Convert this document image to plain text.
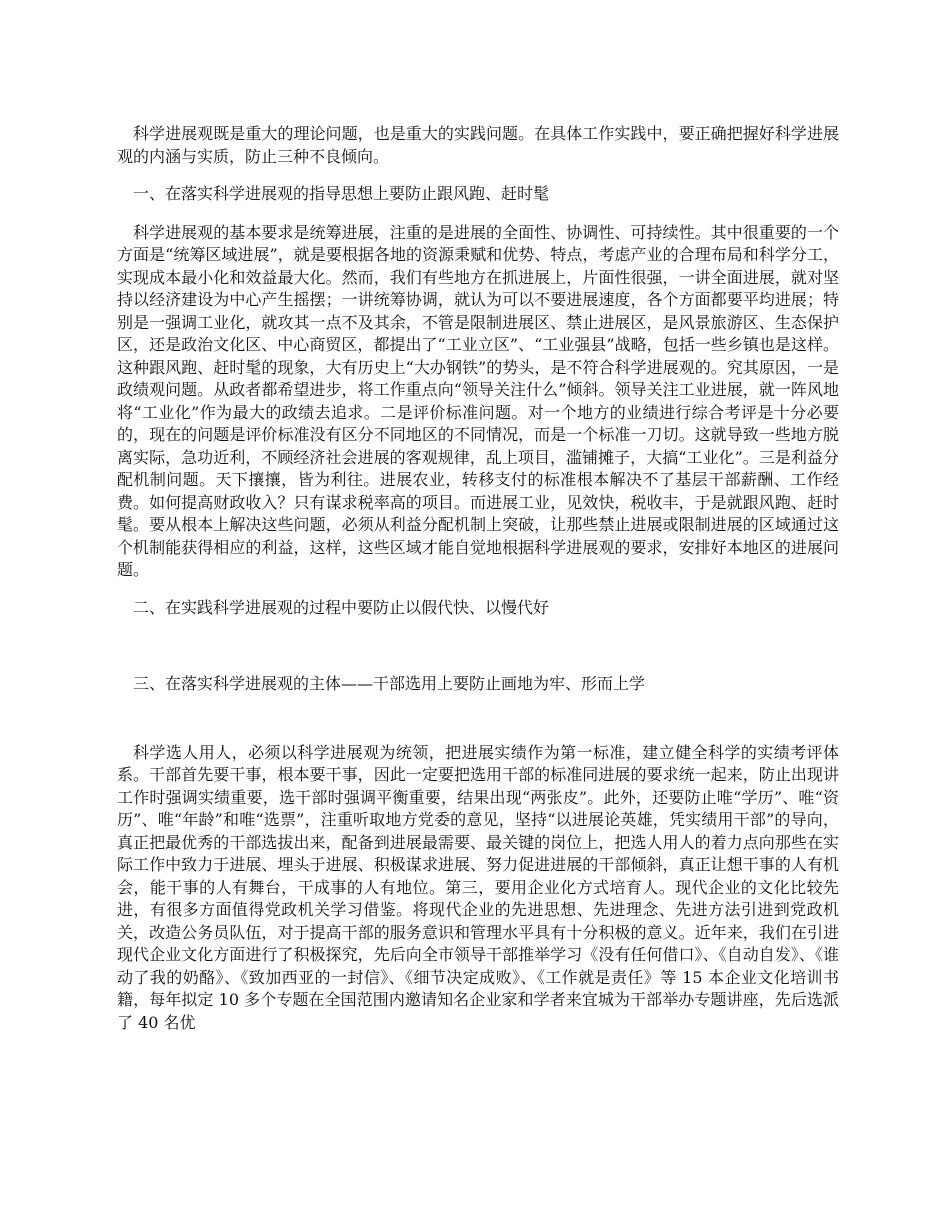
科学进展观既是重大的理论问题，也是重大的实践问题。在具体工作实践中，要正确把握好科学进展观的内涵与实质，防止三种不良倾向。

一、在落实科学进展观的指导思想上要防止跟风跑、赶时髦

科学进展观的基本要求是统筹进展，注重的是进展的全面性、协调性、可持续性。其中很重要的一个方面是“统筹区域进展”，就是要根据各地的资源秉赋和优势、特点，考虑产业的合理布局和科学分工，实现成本最小化和效益最大化。然而，我们有些地方在抓进展上，片面性很强，一讲全面进展，就对坚持以经济建设为中心产生摇摆；一讲统筹协调，就认为可以不要进展速度，各个方面都要平均进展；特别是一强调工业化，就攻其一点不及其余，不管是限制进展区、禁止进展区，是风景旅游区、生态保护区，还是政治文化区、中心商贸区，都提出了“工业立区”、“工业强县”战略，包括一些乡镇也是这样。这种跟风跑、赶时髦的现象，大有历史上“大办钢铁”的势头，是不符合科学进展观的。究其原因，一是政绩观问题。从政者都希望进步，将工作重点向“领导关注什么”倾斜。领导关注工业进展，就一阵风地将“工业化”作为最大的政绩去追求。二是评价标准问题。对一个地方的业绩进行综合考评是十分必要的，现在的问题是评价标准没有区分不同地区的不同情况，而是一个标准一刀切。这就导致一些地方脱离实际，急功近利，不顾经济社会进展的客观规律，乱上项目，滥铺摊子，大搞“工业化”。三是利益分配机制问题。天下攘攘，皆为利往。进展农业，转移支付的标准根本解决不了基层干部薪酬、工作经费。如何提高财政收入？只有谋求税率高的项目。而进展工业，见效快，税收丰，于是就跟风跑、赶时髦。要从根本上解决这些问题，必须从利益分配机制上突破，让那些禁止进展或限制进展的区域通过这个机制能获得相应的利益，这样，这些区域才能自觉地根据科学进展观的要求，安排好本地区的进展问题。

二、在实践科学进展观的过程中要防止以假代快、以慢代好

三、在落实科学进展观的主体——干部选用上要防止画地为牢、形而上学

科学选人用人，必须以科学进展观为统领，把进展实绩作为第一标准，建立健全科学的实绩考评体系。干部首先要干事，根本要干事，因此一定要把选用干部的标准同进展的要求统一起来，防止出现讲工作时强调实绩重要，选干部时强调平衡重要，结果出现“两张皮”。此外，还要防止唯“学历”、唯“资历”、唯“年龄”和唯“选票”，注重听取地方党委的意见，坚持“以进展论英雄，凭实绩用干部”的导向，真正把最优秀的干部选拔出来，配备到进展最需要、最关键的岗位上，把选人用人的着力点向那些在实际工作中致力于进展、埋头于进展、积极谋求进展、努力促进进展的干部倾斜，真正让想干事的人有机会，能干事的人有舞台，干成事的人有地位。第三，要用企业化方式培育人。现代企业的文化比较先进，有很多方面值得党政机关学习借鉴。将现代企业的先进思想、先进理念、先进方法引进到党政机关，改造公务员队伍，对于提高干部的服务意识和管理水平具有十分积极的意义。近年来，我们在引进现代企业文化方面进行了积极探究，先后向全市领导干部推举学习《没有任何借口》、《自动自发》、《谁动了我的奶酪》、《致加西亚的一封信》、《细节决定成败》、《工作就是责任》等 15 本企业文化培训书籍，每年拟定 10 多个专题在全国范围内邀请知名企业家和学者来宜城为干部举办专题讲座，先后选派了 40 名优
